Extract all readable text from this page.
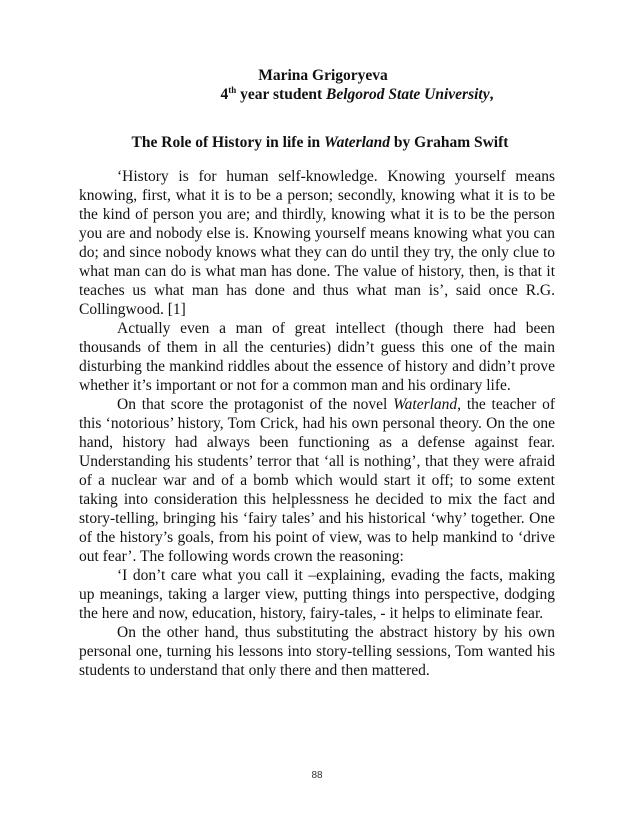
Marina Grigoryeva
4th year student Belgorod State University,
The Role of History in life in Waterland by Graham Swift

‘History is for human self-knowledge. Knowing yourself means knowing, first, what it is to be a person; secondly, knowing what it is to be the kind of person you are; and thirdly, knowing what it is to be the person you are and nobody else is. Knowing yourself means knowing what you can do; and since nobody knows what they can do until they try, the only clue to what man can do is what man has done. The value of history, then, is that it teaches us what man has done and thus what man is’, said once R.G. Collingwood. [1]

Actually even a man of great intellect (though there had been thousands of them in all the centuries) didn’t guess this one of the main disturbing the mankind riddles about the essence of history and didn’t prove whether it’s important or not for a common man and his ordinary life.

On that score the protagonist of the novel Waterland, the teacher of this ‘notorious’ history, Tom Crick, had his own personal theory. On the one hand, history had always been functioning as a defense against fear. Understanding his students’ terror that ‘all is nothing’, that they were afraid of a nuclear war and of a bomb which would start it off; to some extent taking into consideration this helplessness he decided to mix the fact and story-telling, bringing his ‘fairy tales’ and his historical ‘why’ together. One of the history’s goals, from his point of view, was to help mankind to ‘drive out fear’. The following words crown the reasoning:

‘I don’t care what you call it –explaining, evading the facts, making up meanings, taking a larger view, putting things into perspective, dodging the here and now, education, history, fairy-tales, - it helps to eliminate fear.

On the other hand, thus substituting the abstract history by his own personal one, turning his lessons into story-telling sessions, Tom wanted his students to understand that only there and then mattered.

88
